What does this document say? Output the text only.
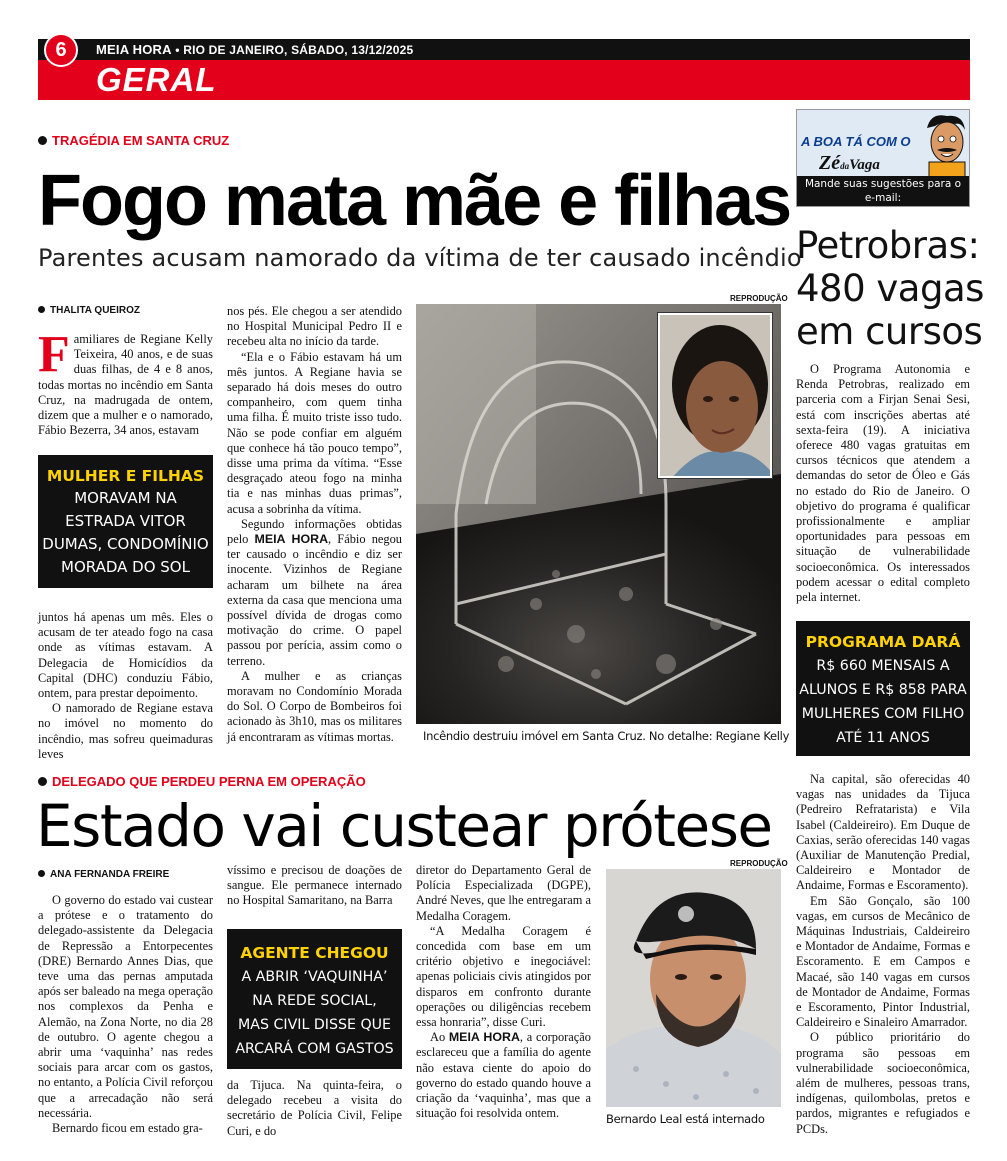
6	MEIA HORA • RIO DE JANEIRO, SÁBADO, 13/12/2025
GERAL
TRAGÉDIA EM SANTA CRUZ
Fogo mata mãe e filhas
Parentes acusam namorado da vítima de ter causado incêndio
THALITA QUEIROZ

Familiares de Regiane Kelly Teixeira, 40 anos, e de suas duas filhas, de 4 e 8 anos, todas mortas no incêndio em Santa Cruz, na madrugada de ontem, dizem que a mulher e o namorado, Fábio Bezerra, 34 anos, estavam

MULHER E FILHAS
MORAVAM NA
ESTRADA VITOR
DUMAS, CONDOMÍNIO
MORADA DO SOL

juntos há apenas um mês. Eles o acusam de ter ateado fogo na casa onde as vítimas estavam. A Delegacia de Homicídios da Capital (DHC) conduziu Fábio, ontem, para prestar depoimento.

O namorado de Regiane estava no imóvel no momento do incêndio, mas sofreu queimaduras leves

nos pés. Ele chegou a ser atendido no Hospital Municipal Pedro II e recebeu alta no início da tarde.

“Ela e o Fábio estavam há um mês juntos. A Regiane havia se separado há dois meses do outro companheiro, com quem tinha uma filha. É muito triste isso tudo. Não se pode confiar em alguém que conhece há tão pouco tempo”, disse uma prima da vítima. “Esse desgraçado ateou fogo na minha tia e nas minhas duas primas”, acusa a sobrinha da vítima.

Segundo informações obtidas pelo MEIA HORA, Fábio negou ter causado o incêndio e diz ser inocente. Vizinhos de Regiane acharam um bilhete na área externa da casa que menciona uma possível dívida de drogas como motivação do crime. O papel passou por perícia, assim como o terreno.

A mulher e as crianças moravam no Condomínio Morada do Sol. O Corpo de Bombeiros foi acionado às 3h10, mas os militares já encontraram as vítimas mortas.

REPRODUÇÃO
Incêndio destruiu imóvel em Santa Cruz. No detalhe: Regiane Kelly
A BOA TÁ COM O
ZédaVaga
Mande suas sugestões para o
e-mail: zedavaga@meiahora.com
Petrobras:
480 vagas
em cursos

O Programa Autonomia e Renda Petrobras, realizado em parceria com a Firjan Senai Sesi, está com inscrições abertas até sexta-feira (19). A iniciativa oferece 480 vagas gratuitas em cursos técnicos que atendem a demandas do setor de Óleo e Gás no estado do Rio de Janeiro. O objetivo do programa é qualificar profissionalmente e ampliar oportunidades para pessoas em situação de vulnerabilidade socioeconômica. Os interessados podem acessar o edital completo pela internet.

PROGRAMA DARÁ
R$ 660 MENSAIS A
ALUNOS E R$ 858 PARA
MULHERES COM FILHO
ATÉ 11 ANOS

Na capital, são oferecidas 40 vagas nas unidades da Tijuca (Pedreiro Refratarista) e Vila Isabel (Caldeireiro). Em Duque de Caxias, serão oferecidas 140 vagas (Auxiliar de Manutenção Predial, Caldeireiro e Montador de Andaime, Formas e Escoramento).

Em São Gonçalo, são 100 vagas, em cursos de Mecânico de Máquinas Industriais, Caldeireiro e Montador de Andaime, Formas e Escoramento. E em Campos e Macaé, são 140 vagas em cursos de Montador de Andaime, Formas e Escoramento, Pintor Industrial, Caldeireiro e Sinaleiro Amarrador.

O público prioritário do programa são pessoas em vulnerabilidade socioeconômica, além de mulheres, pessoas trans, indígenas, quilombolas, pretos e pardos, migrantes e refugiados e PCDs.

DELEGADO QUE PERDEU PERNA EM OPERAÇÃO
Estado vai custear prótese
ANA FERNANDA FREIRE

O governo do estado vai custear a prótese e o tratamento do delegado-assistente da Delegacia de Repressão a Entorpecentes (DRE) Bernardo Annes Dias, que teve uma das pernas amputada após ser baleado na mega operação nos complexos da Penha e Alemão, na Zona Norte, no dia 28 de outubro. O agente chegou a abrir uma ‘vaquinha’ nas redes sociais para arcar com os gastos, no entanto, a Polícia Civil reforçou que a arrecadação não será necessária.

Bernardo ficou em estado gra-

víssimo e precisou de doações de sangue. Ele permanece internado no Hospital Samaritano, na Barra

AGENTE CHEGOU
A ABRIR ‘VAQUINHA’
NA REDE SOCIAL,
MAS CIVIL DISSE QUE
ARCARÁ COM GASTOS

da Tijuca. Na quinta-feira, o delegado recebeu a visita do secretário de Polícia Civil, Felipe Curi, e do

diretor do Departamento Geral de Polícia Especializada (DGPE), André Neves, que lhe entregaram a Medalha Coragem.

“A Medalha Coragem é concedida com base em um critério objetivo e inegociável: apenas policiais civis atingidos por disparos em confronto durante operações ou diligências recebem essa honraria”, disse Curi.

Ao MEIA HORA, a corporação esclareceu que a família do agente não estava ciente do apoio do governo do estado quando houve a criação da ‘vaquinha’, mas que a situação foi resolvida ontem.

REPRODUÇÃO
Bernardo Leal está internado
